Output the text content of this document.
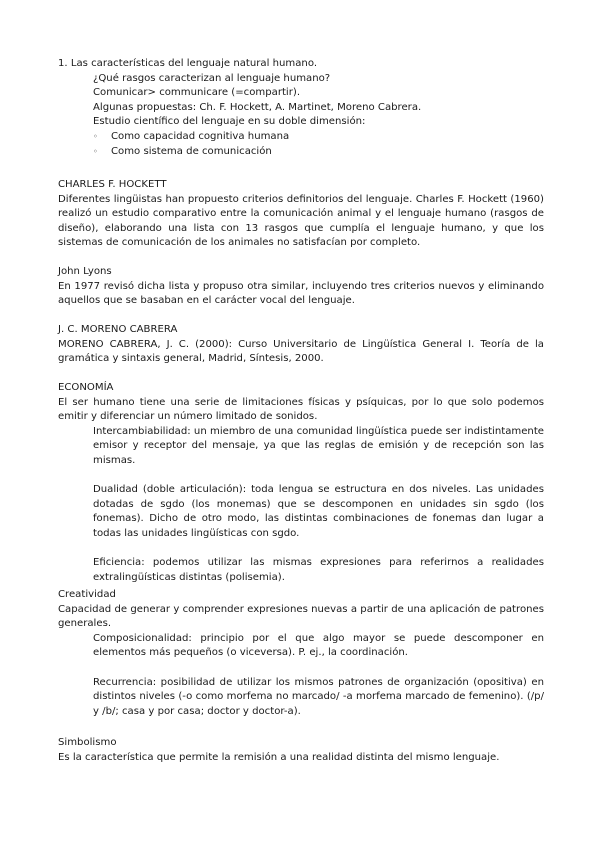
1. Las características del lenguaje natural humano.

¿Qué rasgos caracterizan al lenguaje humano?

Comunicar> communicare (=compartir).

Algunas propuestas: Ch. F. Hockett, A. Martinet, Moreno Cabrera.

Estudio científico del lenguaje en su doble dimensión:

◦ Como capacidad cognitiva humana
◦ Como sistema de comunicación

CHARLES F. HOCKETT

Diferentes lingüistas han propuesto criterios definitorios del lenguaje. Charles F. Hockett (1960) realizó un estudio comparativo entre la comunicación animal y el lenguaje humano (rasgos de diseño), elaborando una lista con 13 rasgos que cumplía el lenguaje humano, y que los sistemas de comunicación de los animales no satisfacían por completo.

John Lyons

En 1977 revisó dicha lista y propuso otra similar, incluyendo tres criterios nuevos y eliminando aquellos que se basaban en el carácter vocal del lenguaje.

J. C. MORENO CABRERA

MORENO CABRERA, J. C. (2000): Curso Universitario de Lingüística General I. Teoría de la gramática y sintaxis general, Madrid, Síntesis, 2000.

ECONOMÍA

El ser humano tiene una serie de limitaciones físicas y psíquicas, por lo que solo podemos emitir y diferenciar un número limitado de sonidos.

Intercambiabilidad: un miembro de una comunidad lingüística puede ser indistintamente emisor y receptor del mensaje, ya que las reglas de emisión y de recepción son las mismas.

Dualidad (doble articulación): toda lengua se estructura en dos niveles. Las unidades dotadas de sgdo (los monemas) que se descomponen en unidades sin sgdo (los fonemas). Dicho de otro modo, las distintas combinaciones de fonemas dan lugar a todas las unidades lingüísticas con sgdo.

Eficiencia: podemos utilizar las mismas expresiones para referirnos a realidades extralingüísticas distintas (polisemia).

Creatividad

Capacidad de generar y comprender expresiones nuevas a partir de una aplicación de patrones generales.

Composicionalidad: principio por el que algo mayor se puede descomponer en elementos más pequeños (o viceversa). P. ej., la coordinación.

Recurrencia: posibilidad de utilizar los mismos patrones de organización (opositiva) en distintos niveles (-o como morfema no marcado/ -a morfema marcado de femenino). (/p/ y /b/; casa y por casa; doctor y doctor-a).

Simbolismo

Es la característica que permite la remisión a una realidad distinta del mismo lenguaje.
